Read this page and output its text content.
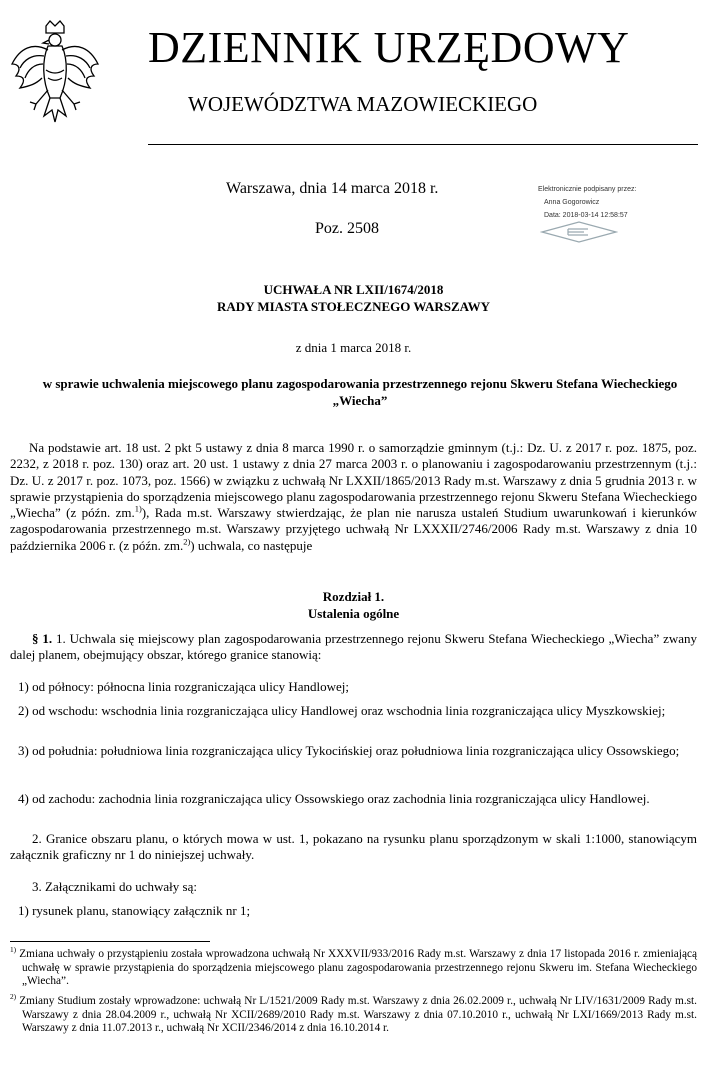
DZIENNIK URZĘDOWY
WOJEWÓDZTWA MAZOWIECKIEGO
Warszawa, dnia 14 marca 2018 r.
Poz. 2508
Elektronicznie podpisany przez:
Anna Gogorowicz
Data: 2018-03-14 12:58:57
UCHWAŁA NR LXII/1674/2018
RADY MIASTA STOŁECZNEGO WARSZAWY
z dnia 1 marca 2018 r.
w sprawie uchwalenia miejscowego planu zagospodarowania przestrzennego rejonu Skweru Stefana Wiecheckiego „Wiecha”
Na podstawie art. 18 ust. 2 pkt 5 ustawy z dnia 8 marca 1990 r. o samorządzie gminnym (t.j.: Dz. U. z 2017 r. poz. 1875, poz. 2232, z 2018 r. poz. 130) oraz art. 20 ust. 1 ustawy z dnia 27 marca 2003 r. o planowaniu i zagospodarowaniu przestrzennym (t.j.: Dz. U. z 2017 r. poz. 1073, poz. 1566) w związku z uchwałą Nr LXXII/1865/2013 Rady m.st. Warszawy z dnia 5 grudnia 2013 r. w sprawie przystąpienia do sporządzenia miejscowego planu zagospodarowania przestrzennego rejonu Skweru Stefana Wiecheckiego „Wiecha” (z późn. zm.$^{1)}$), Rada m.st. Warszawy stwierdzając, że plan nie narusza ustaleń Studium uwarunkowań i kierunków zagospodarowania przestrzennego m.st. Warszawy przyjętego uchwałą Nr LXXXII/2746/2006 Rady m.st. Warszawy z dnia 10 października 2006 r. (z późn. zm.$^{2)}$) uchwala, co następuje
Rozdział 1.
Ustalenia ogólne
§ 1. 1. Uchwala się miejscowy plan zagospodarowania przestrzennego rejonu Skweru Stefana Wiecheckiego „Wiecha” zwany dalej planem, obejmujący obszar, którego granice stanowią:
1) od północy: północna linia rozgraniczająca ulicy Handlowej;
2) od wschodu: wschodnia linia rozgraniczająca ulicy Handlowej oraz wschodnia linia rozgraniczająca ulicy Myszkowskiej;
3) od południa: południowa linia rozgraniczająca ulicy Tykocińskiej oraz południowa linia rozgraniczająca ulicy Ossowskiego;
4) od zachodu: zachodnia linia rozgraniczająca ulicy Ossowskiego oraz zachodnia linia rozgraniczająca ulicy Handlowej.
2. Granice obszaru planu, o których mowa w ust. 1, pokazano na rysunku planu sporządzonym w skali 1:1000, stanowiącym załącznik graficzny nr 1 do niniejszej uchwały.
3. Załącznikami do uchwały są:
1) rysunek planu, stanowiący załącznik nr 1;
$^{1)}$ Zmiana uchwały o przystąpieniu została wprowadzona uchwałą Nr XXXVII/933/2016 Rady m.st. Warszawy z dnia 17 listopada 2016 r. zmieniającą uchwałę w sprawie przystąpienia do sporządzenia miejscowego planu zagospodarowania przestrzennego rejonu Skweru im. Stefana Wiecheckiego „Wiecha”.
$^{2)}$ Zmiany Studium zostały wprowadzone: uchwałą Nr L/1521/2009 Rady m.st. Warszawy z dnia 26.02.2009 r., uchwałą Nr LIV/1631/2009 Rady m.st. Warszawy z dnia 28.04.2009 r., uchwałą Nr XCII/2689/2010 Rady m.st. Warszawy z dnia 07.10.2010 r., uchwałą Nr LXI/1669/2013 Rady m.st. Warszawy z dnia 11.07.2013 r., uchwałą Nr XCII/2346/2014 z dnia 16.10.2014 r.
